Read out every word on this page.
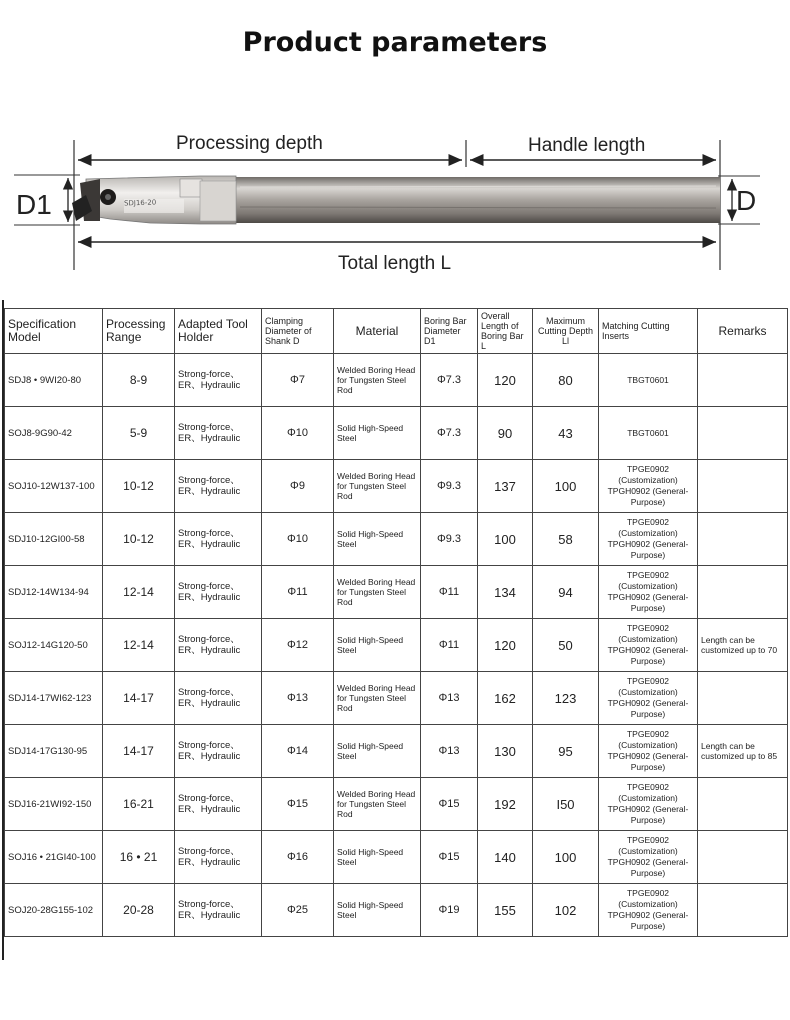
Product parameters
Processing depth	Handle length
Total length L
D1	D
SDJ16-20
Specification Model	Processing Range	Adapted Tool Holder	Clamping Diameter of Shank D	Material	Boring Bar Diameter D1	Overall Length of Boring Bar L	Maximum Cutting Depth Ll	Matching Cutting Inserts	Remarks
SDJ8 • 9WI20-80	8-9	Strong-force、ER、Hydraulic	Φ7	Welded Boring Head for Tungsten Steel Rod	Φ7.3	120	80	TBGT0601	
SOJ8-9G90-42	5-9	Strong-force、ER、Hydraulic	Φ10	Solid High-Speed Steel	Φ7.3	90	43	TBGT0601	
SOJ10-12W137-100	10-12	Strong-force、ER、Hydraulic	Φ9	Welded Boring Head for Tungsten Steel Rod	Φ9.3	137	100	TPGE0902 (Customization) TPGH0902 (General-Purpose)	
SDJ10-12GI00-58	10-12	Strong-force、ER、Hydraulic	Φ10	Solid High-Speed Steel	Φ9.3	100	58	TPGE0902 (Customization) TPGH0902 (General-Purpose)	
SDJ12-14W134-94	12-14	Strong-force、ER、Hydraulic	Φ11	Welded Boring Head for Tungsten Steel Rod	Φ11	134	94	TPGE0902 (Customization) TPGH0902 (General-Purpose)	
SOJ12-14G120-50	12-14	Strong-force、ER、Hydraulic	Φ12	Solid High-Speed Steel	Φ11	120	50	TPGE0902 (Customization) TPGH0902 (General-Purpose)	Length can be customized up to 70
SDJ14-17WI62-123	14-17	Strong-force、ER、Hydraulic	Φ13	Welded Boring Head for Tungsten Steel Rod	Φ13	162	123	TPGE0902 (Customization) TPGH0902 (General-Purpose)	
SDJ14-17G130-95	14-17	Strong-force、ER、Hydraulic	Φ14	Solid High-Speed Steel	Φ13	130	95	TPGE0902 (Customization) TPGH0902 (General-Purpose)	Length can be customized up to 85
SDJ16-21WI92-150	16-21	Strong-force、ER、Hydraulic	Φ15	Welded Boring Head for Tungsten Steel Rod	Φ15	192	I50	TPGE0902 (Customization) TPGH0902 (General-Purpose)	
SOJ16 • 21GI40-100	16 • 21	Strong-force、ER、Hydraulic	Φ16	Solid High-Speed Steel	Φ15	140	100	TPGE0902 (Customization) TPGH0902 (General-Purpose)	
SOJ20-28G155-102	20-28	Strong-force、ER、Hydraulic	Φ25	Solid High-Speed Steel	Φ19	155	102	TPGE0902 (Customization) TPGH0902 (General-Purpose)	
